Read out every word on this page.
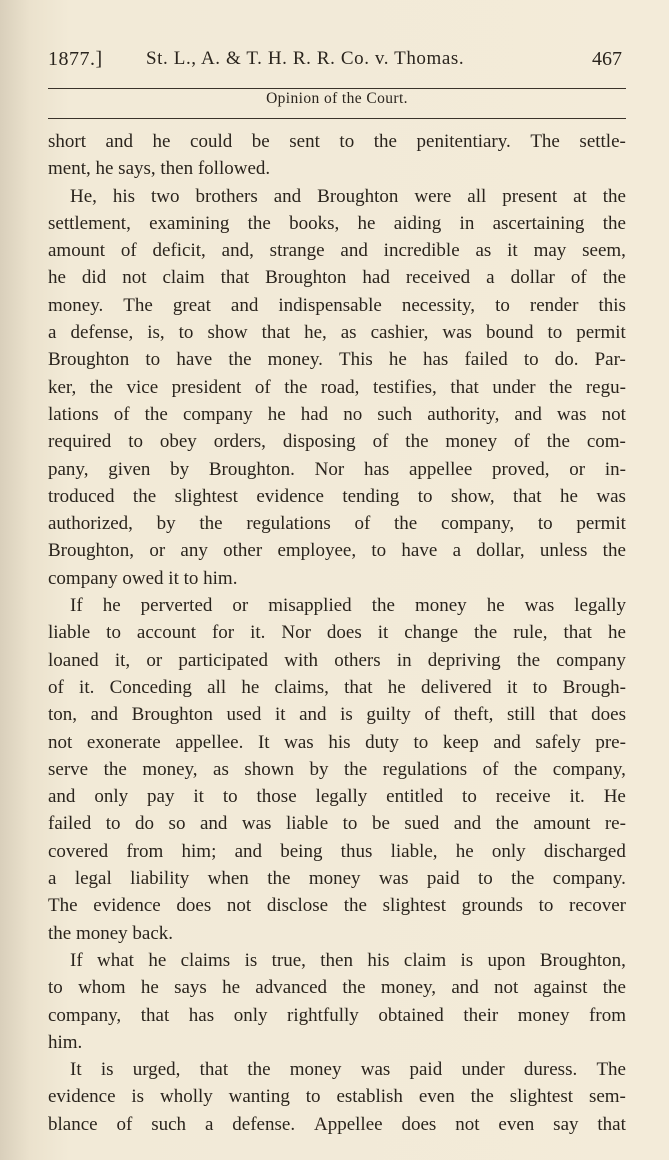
1877.] St. L., A. & T. H. R. R. Co. v. Thomas.	467
Opinion of the Court.
short and he could be sent to the penitentiary. The settle-
ment, he says, then followed.
He, his two brothers and Broughton were all present at the
settlement, examining the books, he aiding in ascertaining the
amount of deficit, and, strange and incredible as it may seem,
he did not claim that Broughton had received a dollar of the
money. The great and indispensable necessity, to render this
a defense, is, to show that he, as cashier, was bound to permit
Broughton to have the money. This he has failed to do. Par-
ker, the vice president of the road, testifies, that under the regu-
lations of the company he had no such authority, and was not
required to obey orders, disposing of the money of the com-
pany, given by Broughton. Nor has appellee proved, or in-
troduced the slightest evidence tending to show, that he was
authorized, by the regulations of the company, to permit
Broughton, or any other employee, to have a dollar, unless the
company owed it to him.
If he perverted or misapplied the money he was legally
liable to account for it. Nor does it change the rule, that he
loaned it, or participated with others in depriving the company
of it. Conceding all he claims, that he delivered it to Brough-
ton, and Broughton used it and is guilty of theft, still that does
not exonerate appellee. It was his duty to keep and safely pre-
serve the money, as shown by the regulations of the company,
and only pay it to those legally entitled to receive it. He
failed to do so and was liable to be sued and the amount re-
covered from him; and being thus liable, he only discharged
a legal liability when the money was paid to the company.
The evidence does not disclose the slightest grounds to recover
the money back.
If what he claims is true, then his claim is upon Broughton,
to whom he says he advanced the money, and not against the
company, that has only rightfully obtained their money from
him.
It is urged, that the money was paid under duress. The
evidence is wholly wanting to establish even the slightest sem-
blance of such a defense. Appellee does not even say that
